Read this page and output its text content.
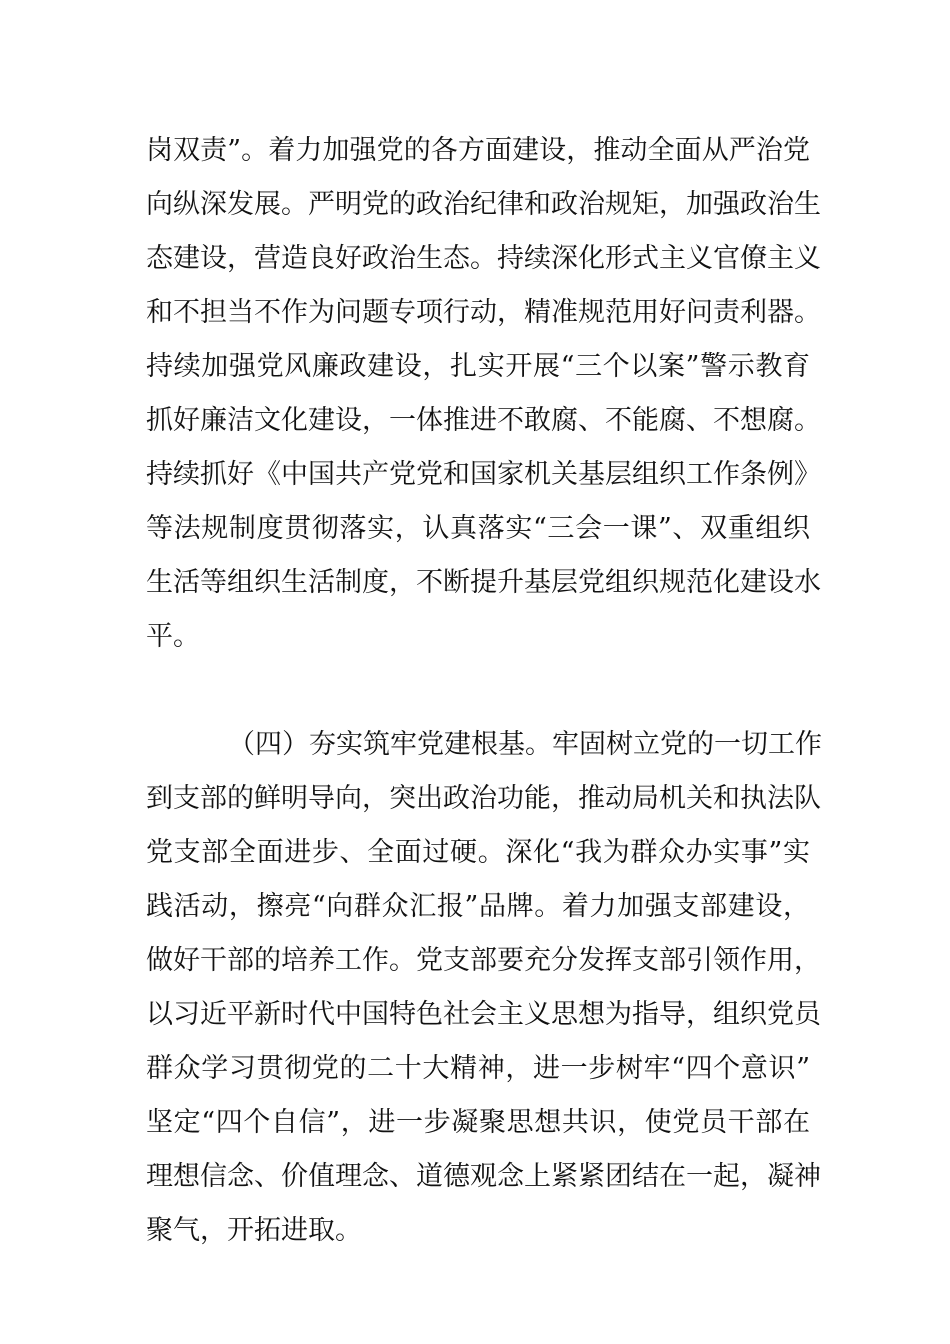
岗双责”。着力加强党的各方面建设，推动全面从严治党
向纵深发展。严明党的政治纪律和政治规矩，加强政治生
态建设，营造良好政治生态。持续深化形式主义官僚主义
和不担当不作为问题专项行动，精准规范用好问责利器。
持续加强党风廉政建设，扎实开展“三个以案”警示教育
抓好廉洁文化建设，一体推进不敢腐、不能腐、不想腐。
持续抓好《中国共产党党和国家机关基层组织工作条例》
等法规制度贯彻落实，认真落实“三会一课”、双重组织
生活等组织生活制度，不断提升基层党组织规范化建设水
平。
（四）夯实筑牢党建根基。牢固树立党的一切工作
到支部的鲜明导向，突出政治功能，推动局机关和执法队
党支部全面进步、全面过硬。深化“我为群众办实事”实
践活动，擦亮“向群众汇报”品牌。着力加强支部建设，
做好干部的培养工作。党支部要充分发挥支部引领作用，
以习近平新时代中国特色社会主义思想为指导，组织党员
群众学习贯彻党的二十大精神，进一步树牢“四个意识”
坚定“四个自信”，进一步凝聚思想共识，使党员干部在
理想信念、价值理念、道德观念上紧紧团结在一起，凝神
聚气，开拓进取。
